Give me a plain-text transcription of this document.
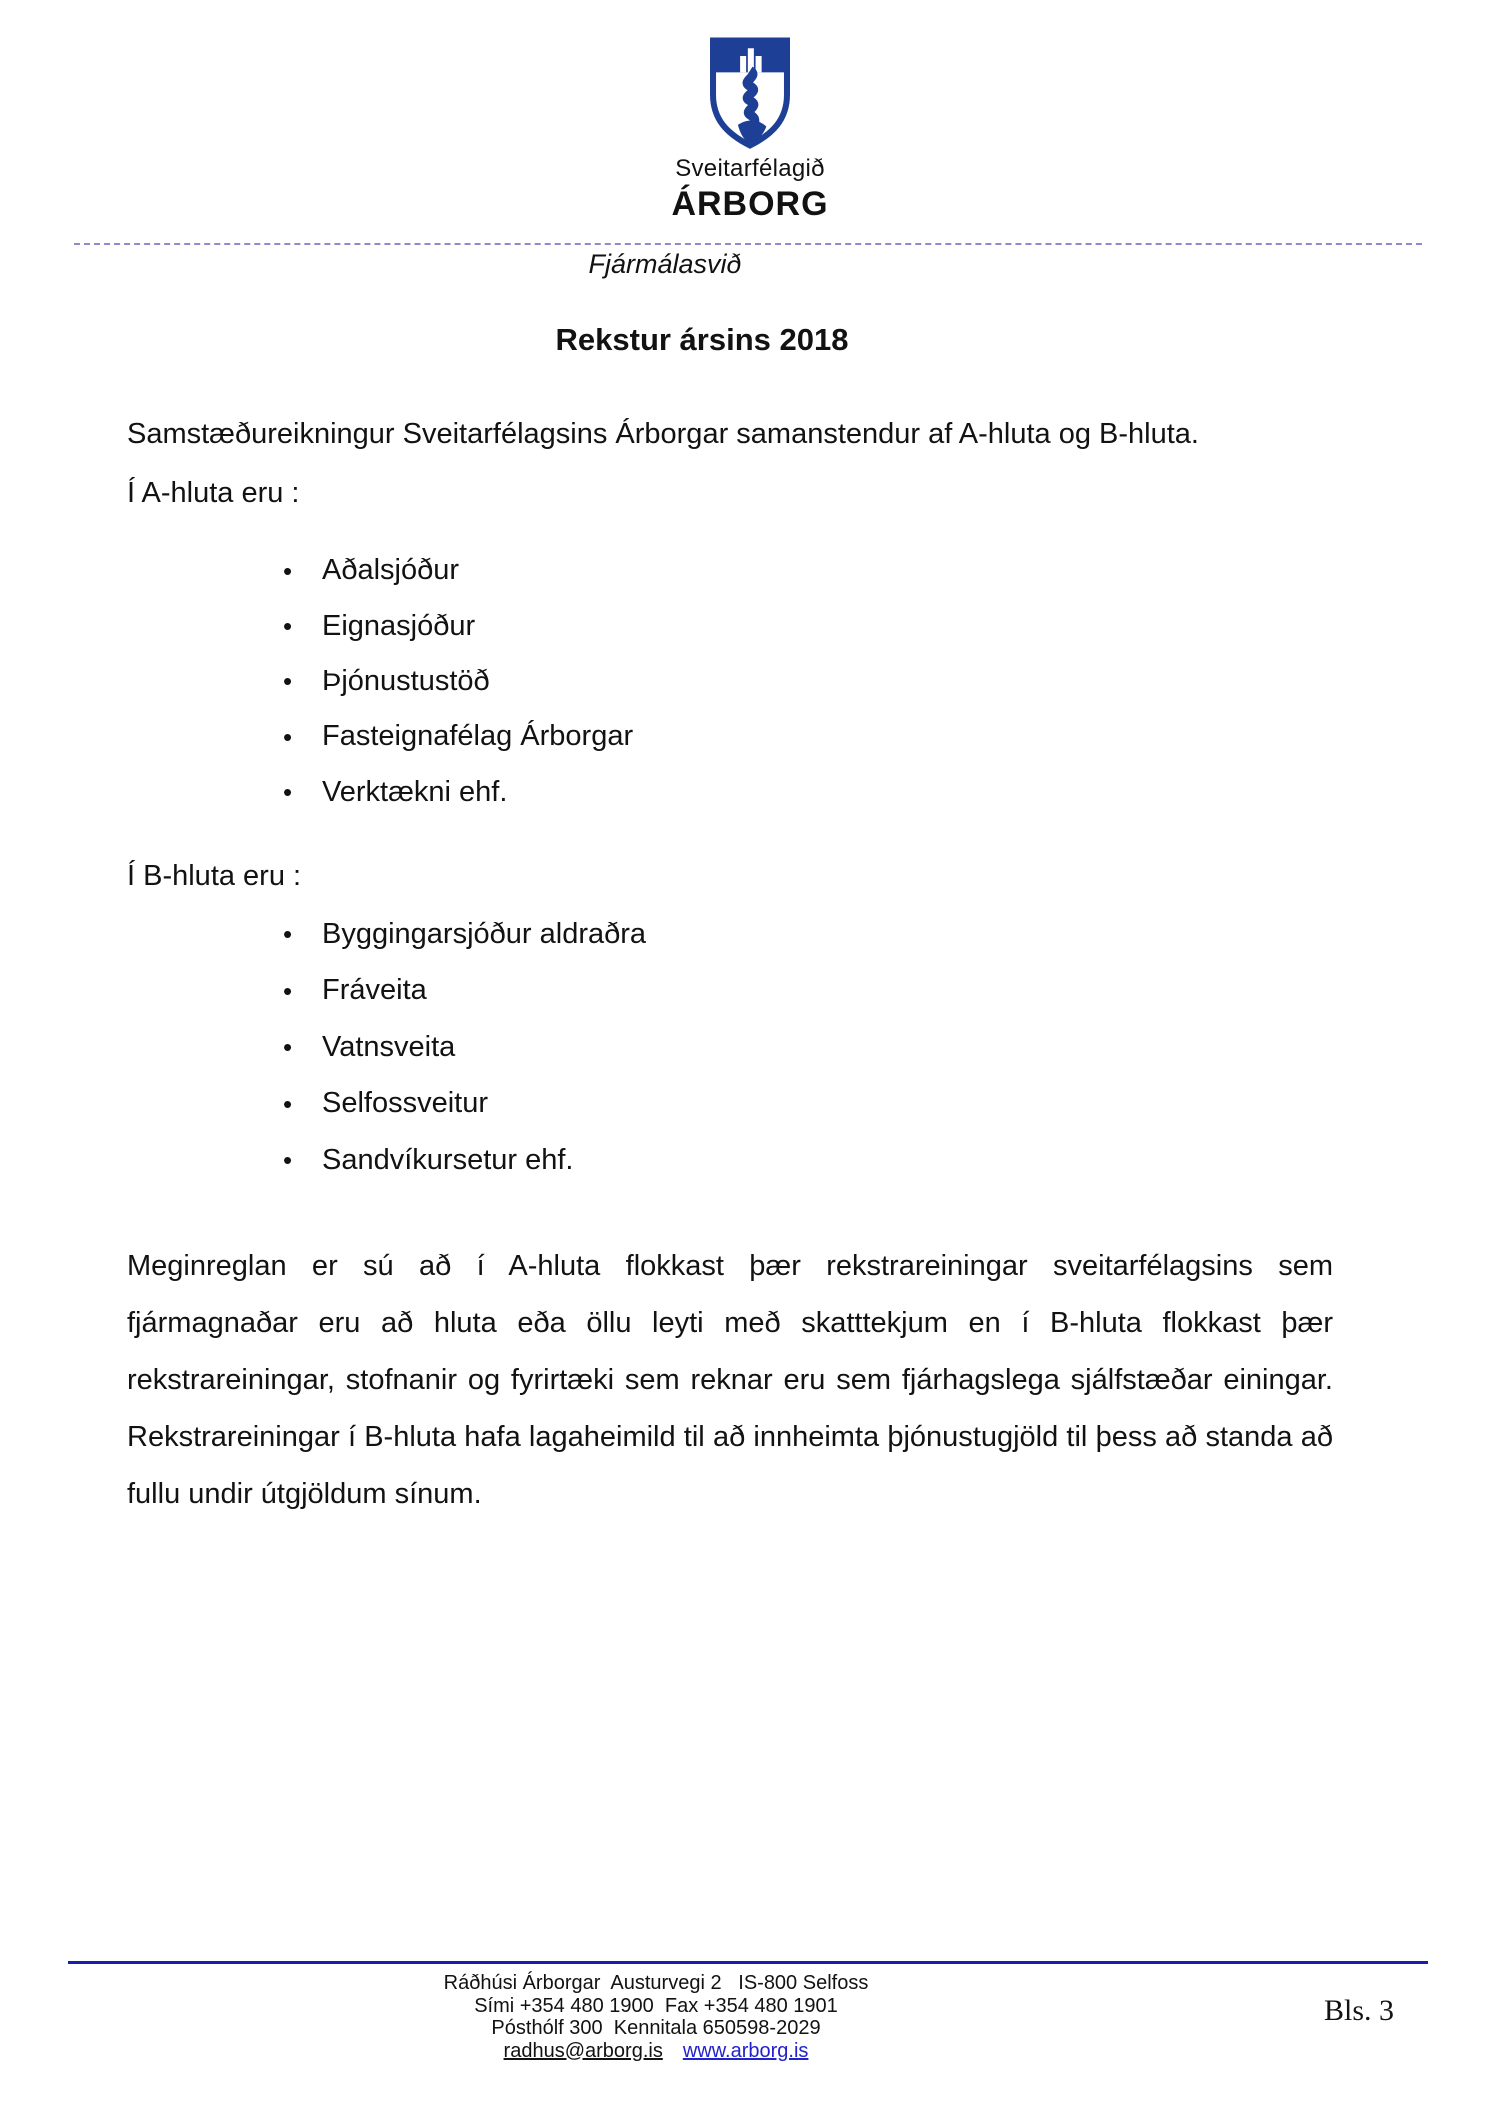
Sveitarfélagið
ÁRBORG
Fjármálasvið
Rekstur ársins 2018
Samstæðureikningur Sveitarfélagsins Árborgar samanstendur af A-hluta og B-hluta.
Í A-hluta eru :
•	Aðalsjóður
•	Eignasjóður
•	Þjónustustöð
•	Fasteignafélag Árborgar
•	Verktækni ehf.
Í B-hluta eru :
•	Byggingarsjóður aldraðra
•	Fráveita
•	Vatnsveita
•	Selfossveitur
•	Sandvíkursetur ehf.
Meginreglan er sú að í A-hluta flokkast þær rekstrareiningar sveitarfélagsins sem fjármagnaðar eru að hluta eða öllu leyti með skatttekjum en í B-hluta flokkast þær rekstrareiningar, stofnanir og fyrirtæki sem reknar eru sem fjárhagslega sjálfstæðar einingar. Rekstrareiningar í B-hluta hafa lagaheimild til að innheimta þjónustugjöld til þess að standa að fullu undir útgjöldum sínum.
Ráðhúsi Árborgar  Austurvegi 2   IS-800 Selfoss
Sími +354 480 1900  Fax +354 480 1901
Pósthólf 300  Kennitala 650598-2029
radhus@arborg.is www.arborg.is
Bls. 3
